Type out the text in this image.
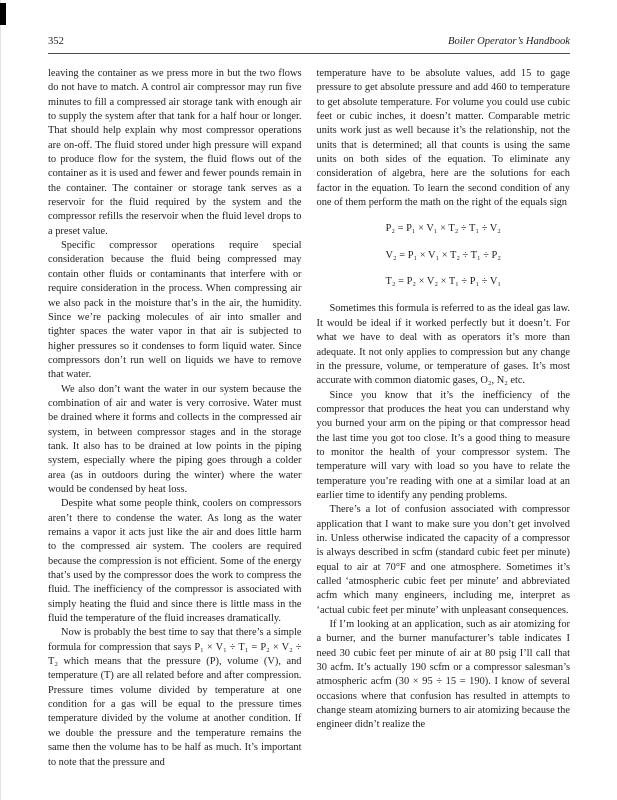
352	Boiler Operator’s Handbook

leaving the container as we press more in but the two flows do not have to match. A control air compressor may run five minutes to fill a compressed air storage tank with enough air to supply the system after that tank for a half hour or longer. That should help explain why most compressor operations are on-off. The fluid stored under high pressure will expand to produce flow for the system, the fluid flows out of the container as it is used and fewer and fewer pounds remain in the container. The container or storage tank serves as a reservoir for the fluid required by the system and the compressor refills the reservoir when the fluid level drops to a preset value.

Specific compressor operations require special consideration because the fluid being compressed may contain other fluids or contaminants that interfere with or require consideration in the process. When compressing air we also pack in the moisture that’s in the air, the humidity. Since we’re packing molecules of air into smaller and tighter spaces the water vapor in that air is subjected to higher pressures so it condenses to form liquid water. Since compressors don’t run well on liquids we have to remove that water.

We also don’t want the water in our system because the combination of air and water is very corrosive. Water must be drained where it forms and collects in the compressed air system, in between compressor stages and in the storage tank. It also has to be drained at low points in the piping system, especially where the piping goes through a colder area (as in outdoors during the winter) where the water would be condensed by heat loss.

Despite what some people think, coolers on compressors aren’t there to condense the water. As long as the water remains a vapor it acts just like the air and does little harm to the compressed air system. The coolers are required because the compression is not efficient. Some of the energy that’s used by the compressor does the work to compress the fluid. The inefficiency of the compressor is associated with simply heating the fluid and since there is little mass in the fluid the temperature of the fluid increases dramatically.

Now is probably the best time to say that there’s a simple formula for compression that says P₁ × V₁ ÷ T₁ = P₂ × V₂ ÷ T₂ which means that the pressure (P), volume (V), and temperature (T) are all related before and after compression. Pressure times volume divided by temperature at one condition for a gas will be equal to the pressure times temperature divided by the volume at another condition. If we double the pressure and the temperature remains the same then the volume has to be half as much. It’s important to note that the pressure and

temperature have to be absolute values, add 15 to gage pressure to get absolute pressure and add 460 to temperature to get absolute temperature. For volume you could use cubic feet or cubic inches, it doesn’t matter. Comparable metric units work just as well because it’s the relationship, not the units that is determined; all that counts is using the same units on both sides of the equation. To eliminate any consideration of algebra, here are the solutions for each factor in the equation. To learn the second condition of any one of them perform the math on the right of the equals sign

P₂ = P₁ × V₁ × T₂ ÷ T₁ ÷ V₂
V₂ = P₁ × V₁ × T₂ ÷ T₁ ÷ P₂
T₂ = P₂ × V₂ × T₁ ÷ P₁ ÷ V₁

Sometimes this formula is referred to as the ideal gas law. It would be ideal if it worked perfectly but it doesn’t. For what we have to deal with as operators it’s more than adequate. It not only applies to compression but any change in the pressure, volume, or temperature of gases. It’s most accurate with common diatomic gases, O₂, N₂ etc.

Since you know that it’s the inefficiency of the compressor that produces the heat you can understand why you burned your arm on the piping or that compressor head the last time you got too close. It’s a good thing to measure to monitor the health of your compressor system. The temperature will vary with load so you have to relate the temperature you’re reading with one at a similar load at an earlier time to identify any pending problems.

There’s a lot of confusion associated with compressor application that I want to make sure you don’t get involved in. Unless otherwise indicated the capacity of a compressor is always described in scfm (standard cubic feet per minute) equal to air at 70°F and one atmosphere. Sometimes it’s called ‘atmospheric cubic feet per minute’ and abbreviated acfm which many engineers, including me, interpret as ‘actual cubic feet per minute’ with unpleasant consequences.

If I’m looking at an application, such as air atomizing for a burner, and the burner manufacturer’s table indicates I need 30 cubic feet per minute of air at 80 psig I’ll call that 30 acfm. It’s actually 190 scfm or a compressor salesman’s atmospheric acfm (30 × 95 ÷ 15 = 190). I know of several occasions where that confusion has resulted in attempts to change steam atomizing burners to air atomizing because the engineer didn’t realize the
